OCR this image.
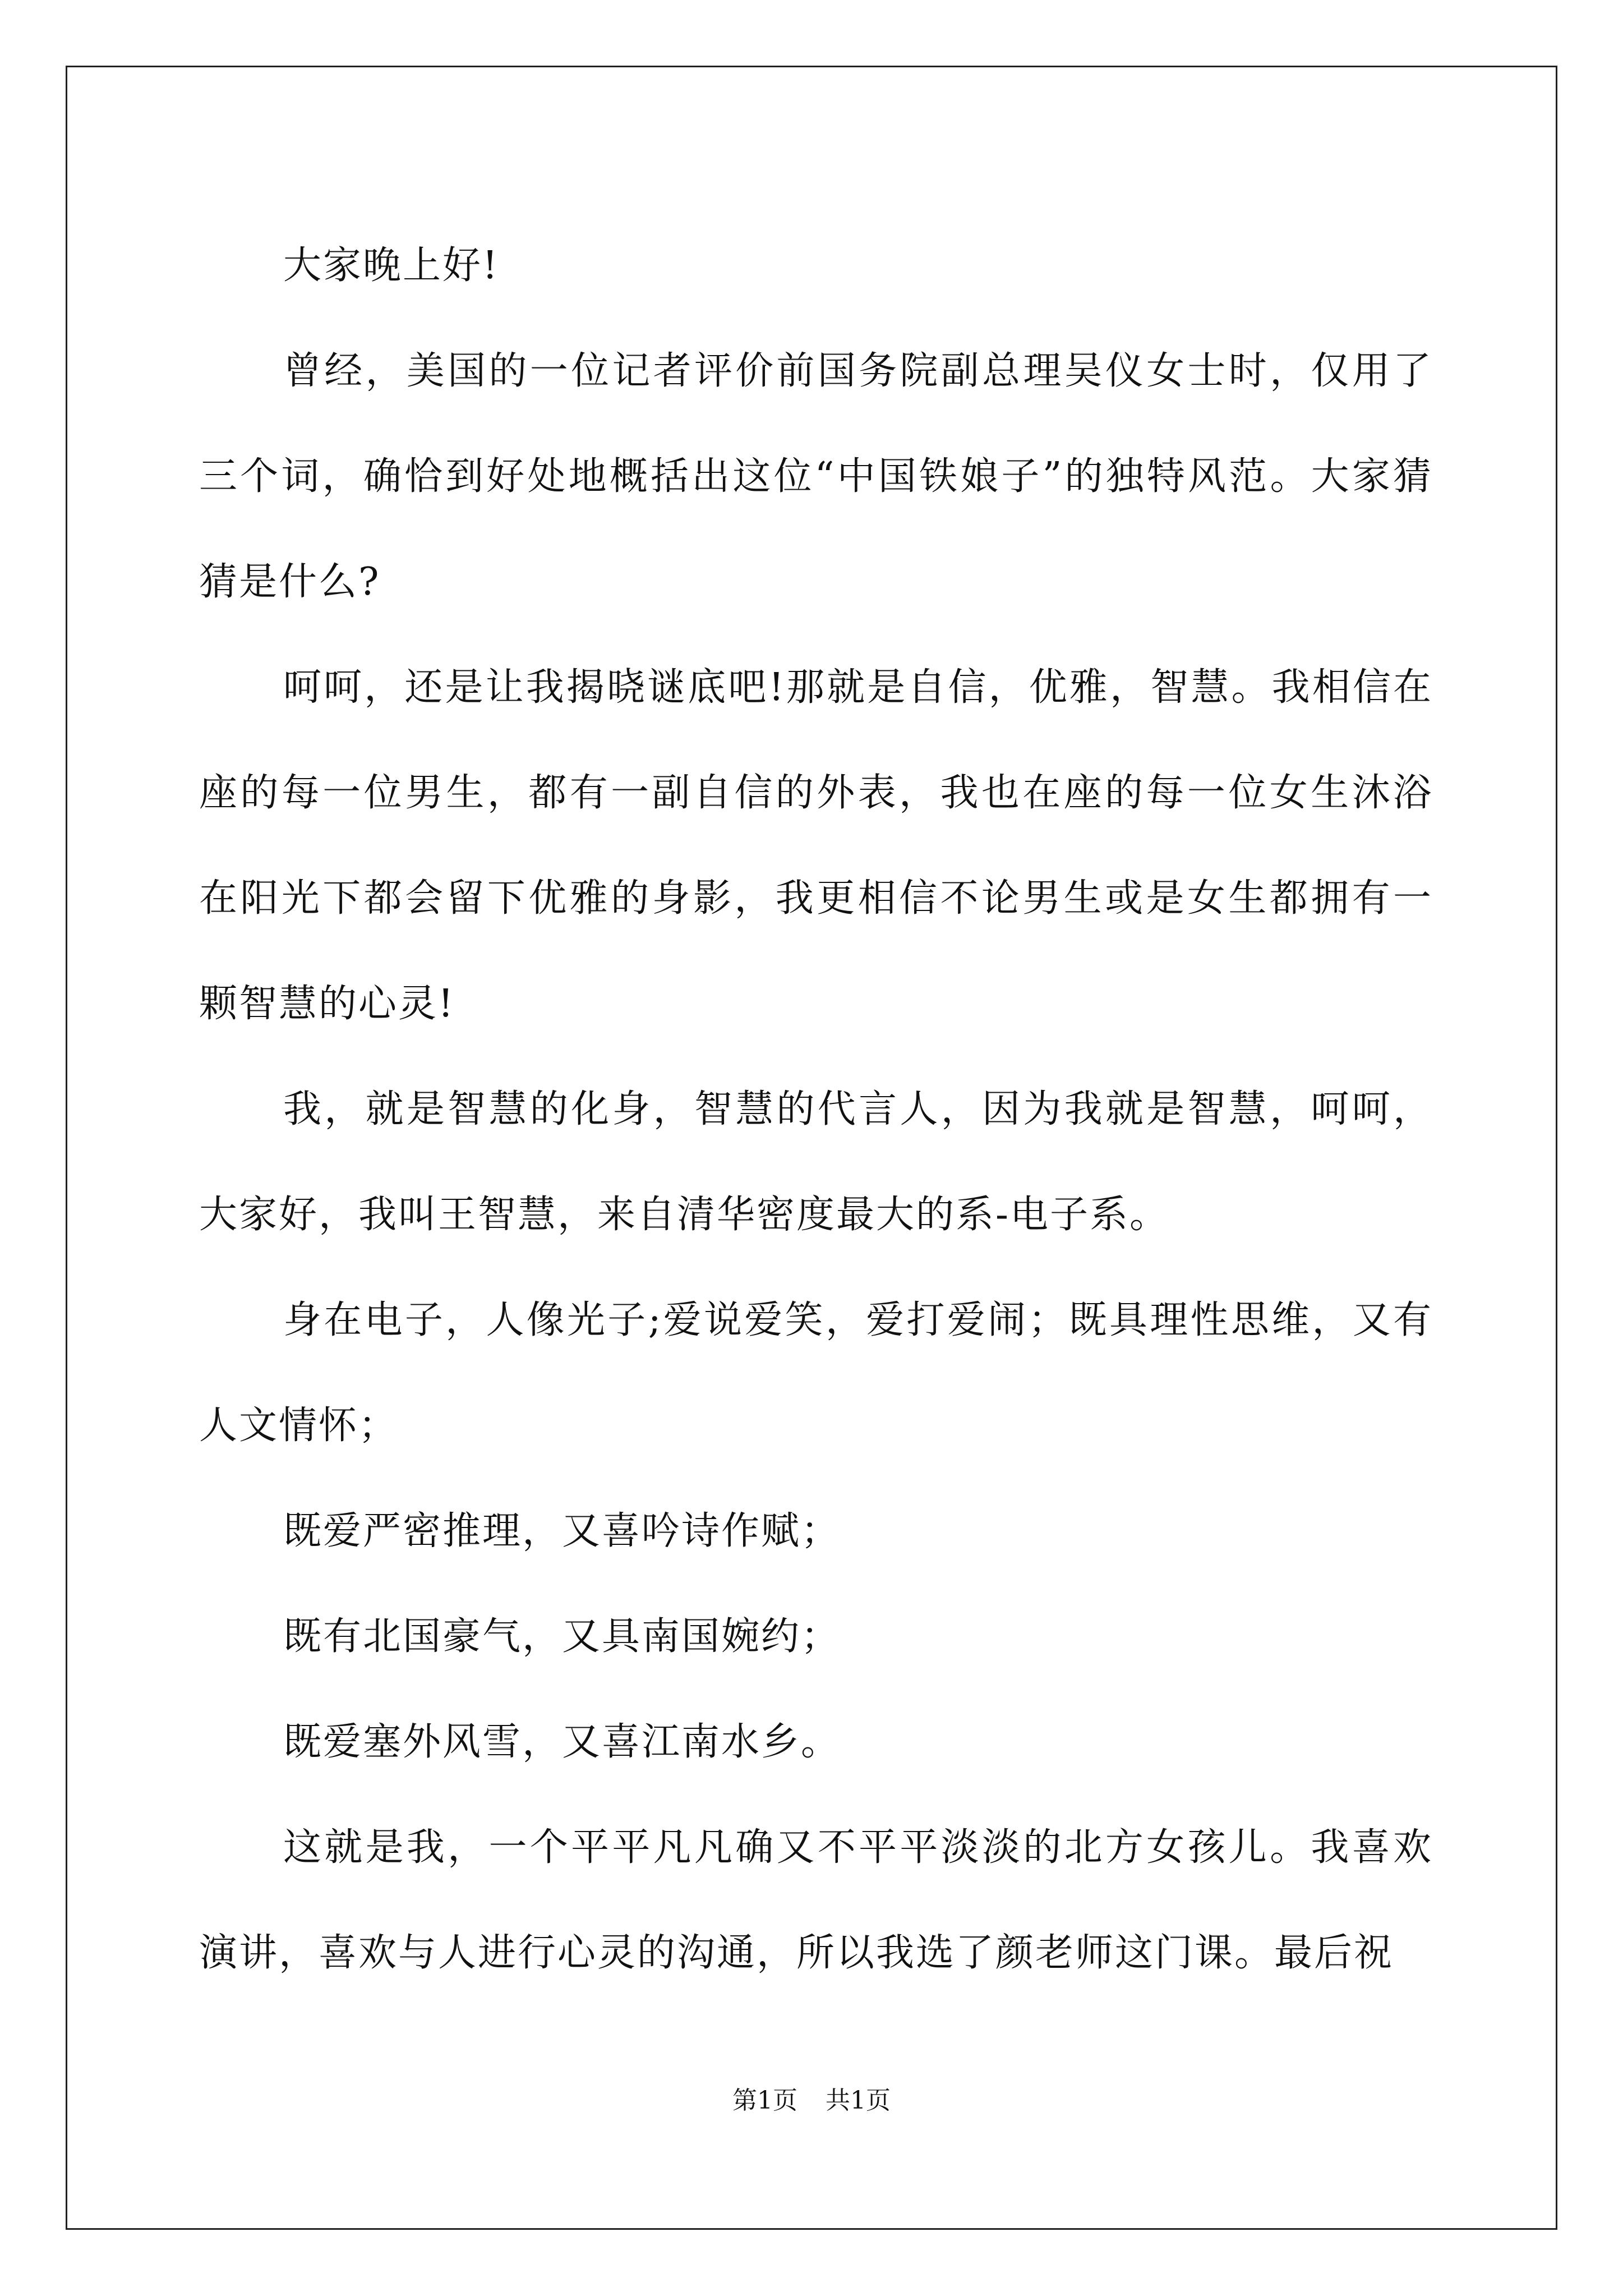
大家晚上好!

曾经，美国的一位记者评价前国务院副总理吴仪女士时，仅用了三个词，确恰到好处地概括出这位“中国铁娘子”的独特风范。大家猜猜是什么?

呵呵，还是让我揭晓谜底吧!那就是自信，优雅，智慧。我相信在座的每一位男生，都有一副自信的外表，我也在座的每一位女生沐浴在阳光下都会留下优雅的身影，我更相信不论男生或是女生都拥有一颗智慧的心灵!

我，就是智慧的化身，智慧的代言人，因为我就是智慧，呵呵，大家好，我叫王智慧，来自清华密度最大的系-电子系。

身在电子，人像光子;爱说爱笑，爱打爱闹；既具理性思维，又有人文情怀；

既爱严密推理，又喜吟诗作赋；

既有北国豪气，又具南国婉约；

既爱塞外风雪，又喜江南水乡。

这就是我，一个平平凡凡确又不平平淡淡的北方女孩儿。我喜欢演讲，喜欢与人进行心灵的沟通，所以我选了颜老师这门课。最后祝

第1页 共1页
